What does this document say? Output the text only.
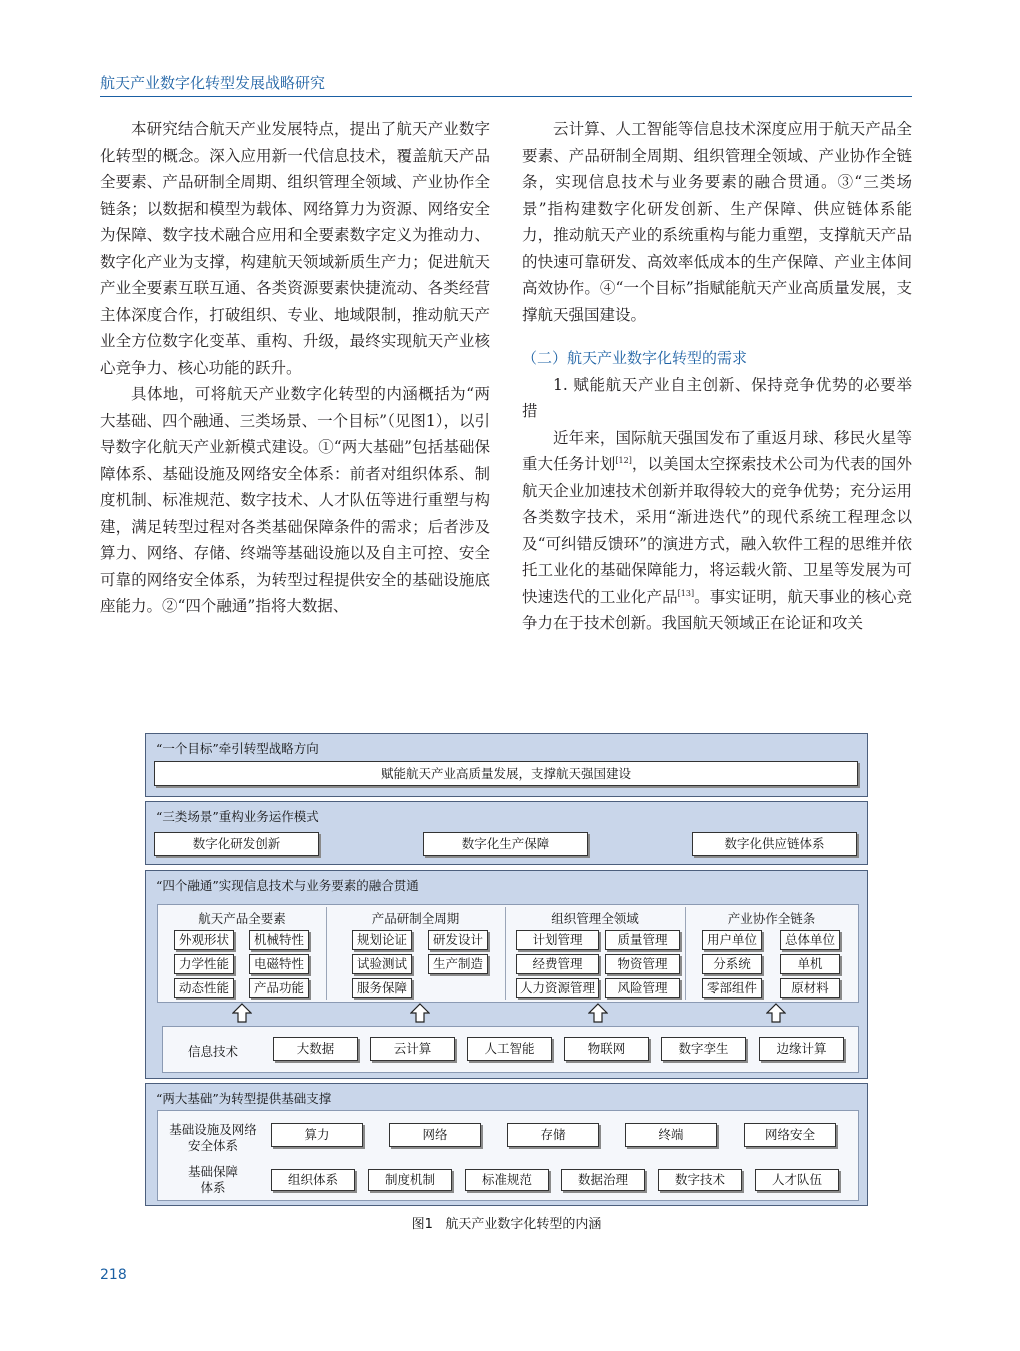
航天产业数字化转型发展战略研究

本研究结合航天产业发展特点，提出了航天产业数字化转型的概念。深入应用新一代信息技术，覆盖航天产品全要素、产品研制全周期、组织管理全领域、产业协作全链条；以数据和模型为载体、网络算力为资源、网络安全为保障、数字技术融合应用和全要素数字定义为推动力、数字化产业为支撑，构建航天领域新质生产力；促进航天产业全要素互联互通、各类资源要素快捷流动、各类经营主体深度合作，打破组织、专业、地域限制，推动航天产业全方位数字化变革、重构、升级，最终实现航天产业核心竞争力、核心功能的跃升。

具体地，可将航天产业数字化转型的内涵概括为“两大基础、四个融通、三类场景、一个目标”（见图1），以引导数字化航天产业新模式建设。①“两大基础”包括基础保障体系、基础设施及网络安全体系：前者对组织体系、制度机制、标准规范、数字技术、人才队伍等进行重塑与构建，满足转型过程对各类基础保障条件的需求；后者涉及算力、网络、存储、终端等基础设施以及自主可控、安全可靠的网络安全体系，为转型过程提供安全的基础设施底座能力。②“四个融通”指将大数据、

云计算、人工智能等信息技术深度应用于航天产品全要素、产品研制全周期、组织管理全领域、产业协作全链条，实现信息技术与业务要素的融合贯通。③“三类场景”指构建数字化研发创新、生产保障、供应链体系能力，推动航天产业的系统重构与能力重塑，支撑航天产品的快速可靠研发、高效率低成本的生产保障、产业主体间高效协作。④“一个目标”指赋能航天产业高质量发展，支撑航天强国建设。

（二）航天产业数字化转型的需求

1. 赋能航天产业自主创新、保持竞争优势的必要举措

近年来，国际航天强国发布了重返月球、移民火星等重大任务计划[12]，以美国太空探索技术公司为代表的国外航天企业加速技术创新并取得较大的竞争优势；充分运用各类数字技术，采用“渐进迭代”的现代系统工程理念以及“可纠错反馈环”的演进方式，融入软件工程的思维并依托工业化的基础保障能力，将运载火箭、卫星等发展为可快速迭代的工业化产品[13]。事实证明，航天事业的核心竞争力在于技术创新。我国航天领域正在论证和攻关

“一个目标”牵引转型战略方向
赋能航天产业高质量发展，支撑航天强国建设
“三类场景”重构业务运作模式
数字化研发创新	数字化生产保障	数字化供应链体系
“四个融通”实现信息技术与业务要素的融合贯通
航天产品全要素
外观形状	机械特性
力学性能	电磁特性
动态性能	产品功能
产品研制全周期
规划论证	研发设计
试验测试	生产制造
服务保障
组织管理全领域
计划管理	质量管理
经费管理	物资管理
人力资源管理	风险管理
产业协作全链条
用户单位	总体单位
分系统	单机
零部组件	原材料
信息技术	大数据	云计算	人工智能	物联网	数字孪生	边缘计算
“两大基础”为转型提供基础支撑
基础设施及网络
安全体系
算力	网络	存储	终端	网络安全
基础保障
体系
组织体系	制度机制	标准规范	数据治理	数字技术	人才队伍
图1 航天产业数字化转型的内涵
218
